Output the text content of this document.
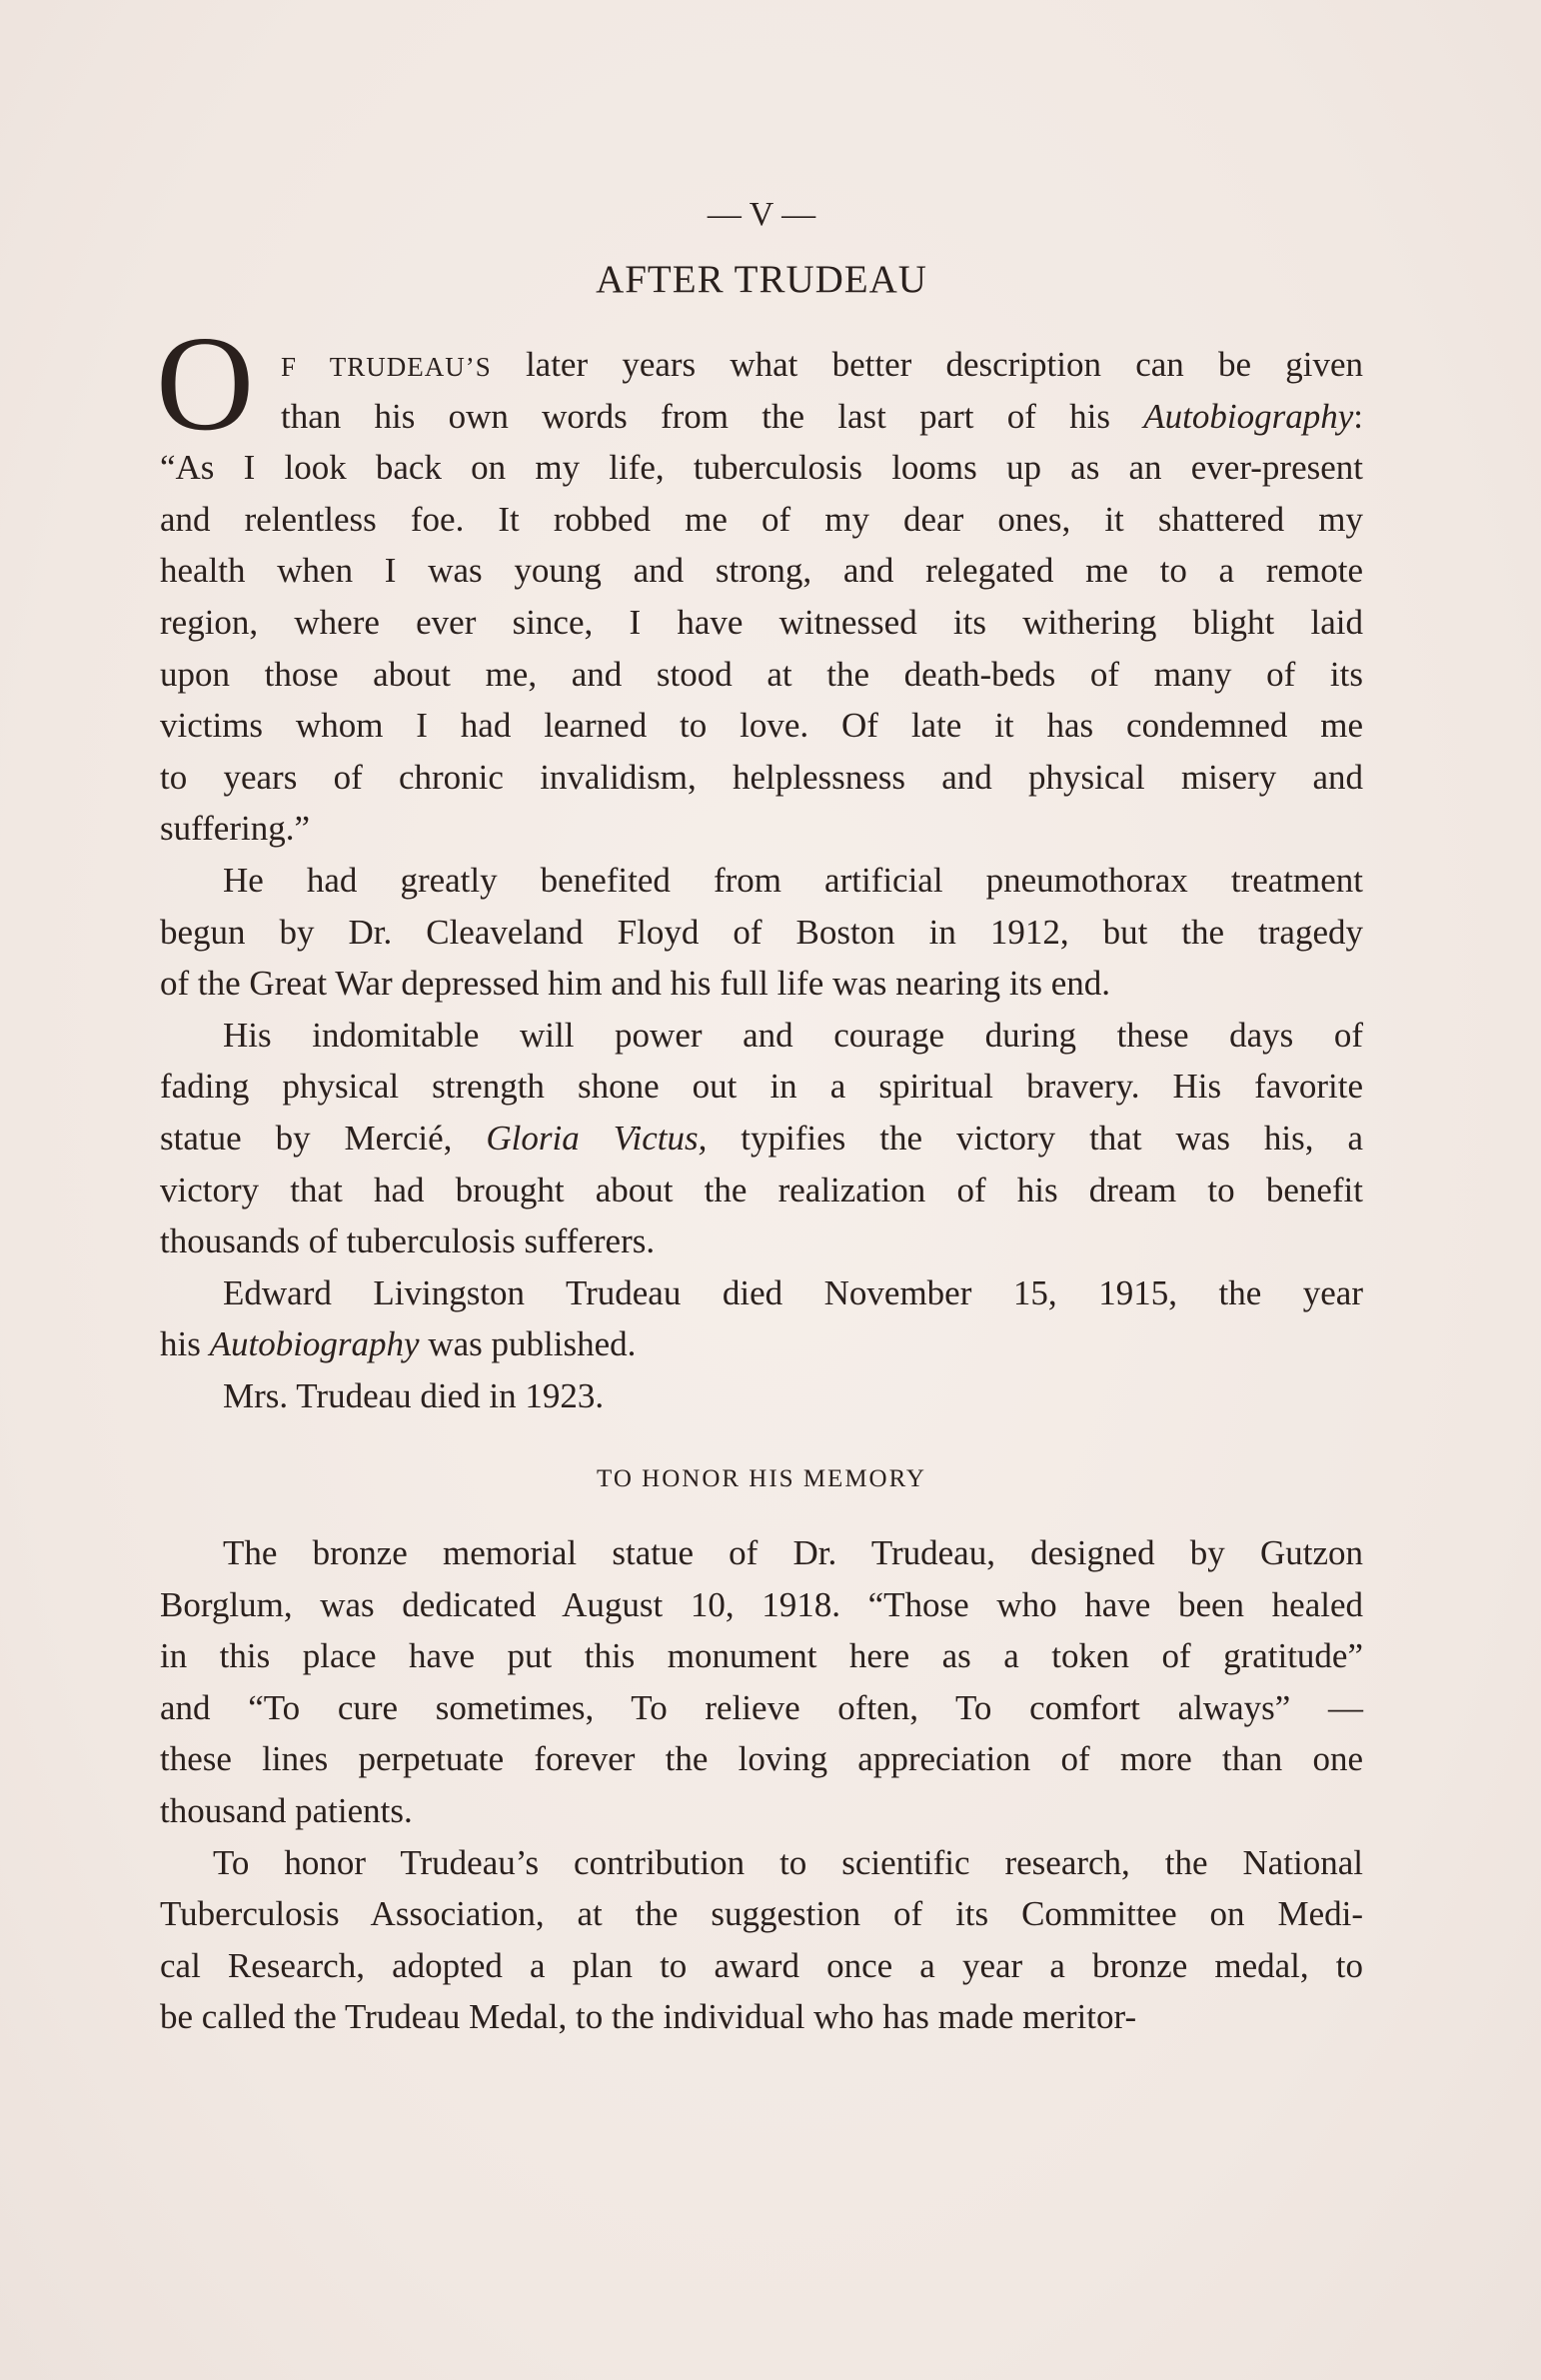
— V —
AFTER TRUDEAU
O F TRUDEAU’S later years what better description can be given
than his own words from the last part of his Autobiography:
“As I look back on my life, tuberculosis looms up as an ever-present
and relentless foe. It robbed me of my dear ones, it shattered my
health when I was young and strong, and relegated me to a remote
region, where ever since, I have witnessed its withering blight laid
upon those about me, and stood at the death-beds of many of its
victims whom I had learned to love. Of late it has condemned me
to years of chronic invalidism, helplessness and physical misery and
suffering.”
He had greatly benefited from artificial pneumothorax treatment
begun by Dr. Cleaveland Floyd of Boston in 1912, but the tragedy
of the Great War depressed him and his full life was nearing its end.
His indomitable will power and courage during these days of
fading physical strength shone out in a spiritual bravery. His favorite
statue by Mercié, Gloria Victus, typifies the victory that was his, a
victory that had brought about the realization of his dream to benefit
thousands of tuberculosis sufferers.
Edward Livingston Trudeau died November 15, 1915, the year
his Autobiography was published.
Mrs. Trudeau died in 1923.
TO HONOR HIS MEMORY
The bronze memorial statue of Dr. Trudeau, designed by Gutzon
Borglum, was dedicated August 10, 1918. “Those who have been healed
in this place have put this monument here as a token of gratitude”
and “To cure sometimes, To relieve often, To comfort always” —
these lines perpetuate forever the loving appreciation of more than one
thousand patients.
To honor Trudeau’s contribution to scientific research, the National
Tuberculosis Association, at the suggestion of its Committee on Medi-
cal Research, adopted a plan to award once a year a bronze medal, to
be called the Trudeau Medal, to the individual who has made meritor-
